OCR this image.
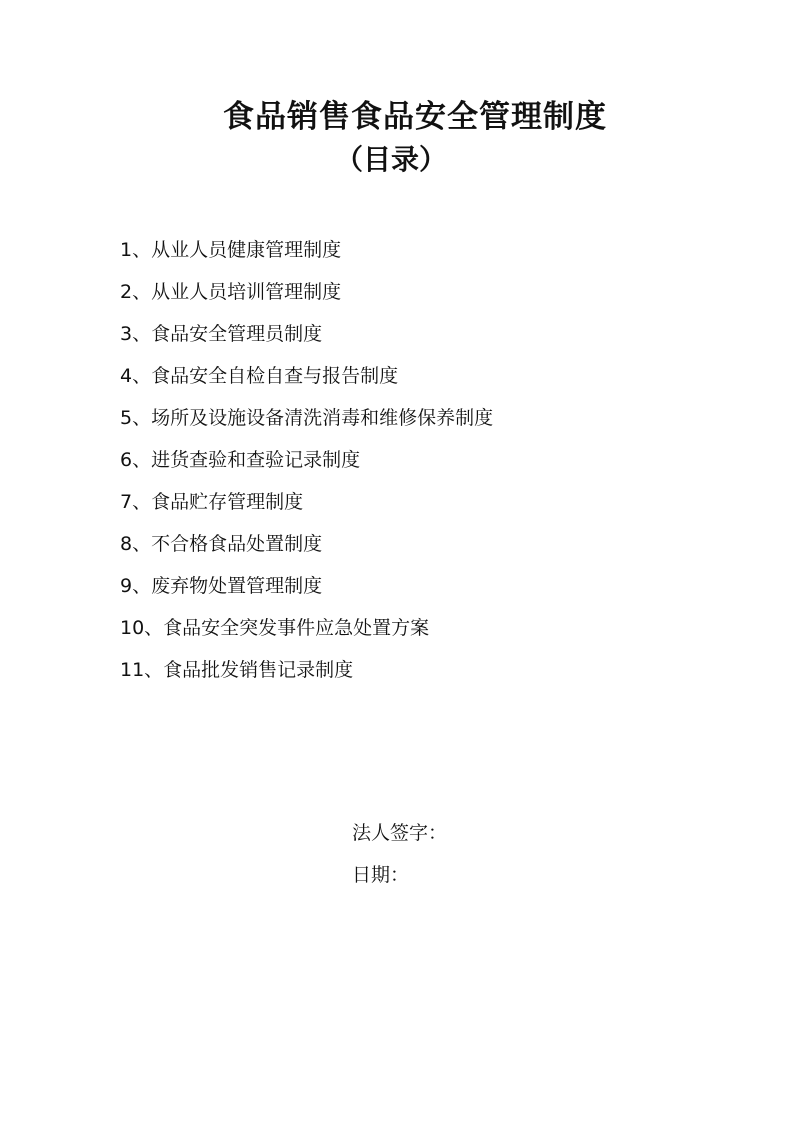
食品销售食品安全管理制度
（目录）
1、从业人员健康管理制度
2、从业人员培训管理制度
3、食品安全管理员制度
4、食品安全自检自查与报告制度
5、场所及设施设备清洗消毒和维修保养制度
6、进货查验和查验记录制度
7、食品贮存管理制度
8、不合格食品处置制度
9、废弃物处置管理制度
10、食品安全突发事件应急处置方案
11、食品批发销售记录制度
法人签字：
日期：
